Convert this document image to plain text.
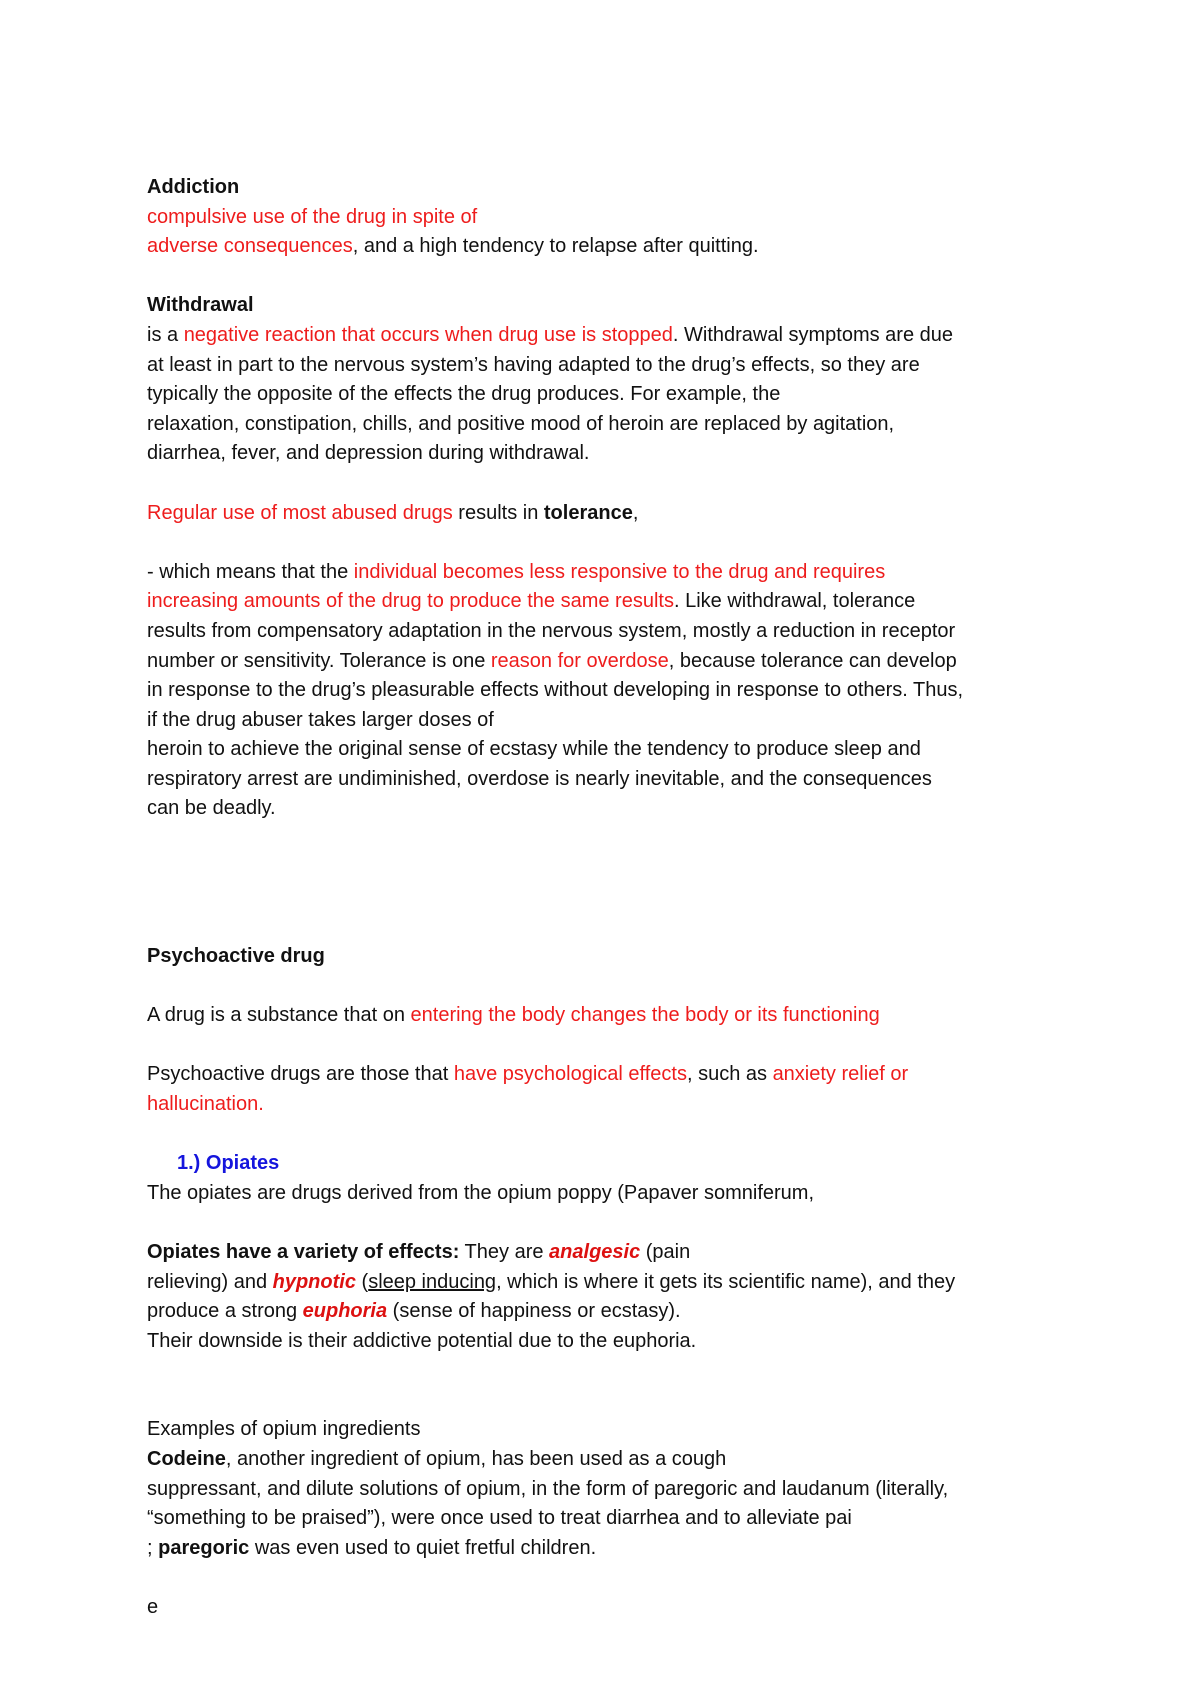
Addiction
compulsive use of the drug in spite of
adverse consequences, and a high tendency to relapse after quitting.
Withdrawal
is a negative reaction that occurs when drug use is stopped. Withdrawal symptoms are due
at least in part to the nervous system’s having adapted to the drug’s effects, so they are
typically the opposite of the effects the drug produces. For example, the
relaxation, constipation, chills, and positive mood of heroin are replaced by agitation,
diarrhea, fever, and depression during withdrawal.
Regular use of most abused drugs results in tolerance,
- which means that the individual becomes less responsive to the drug and requires
increasing amounts of the drug to produce the same results. Like withdrawal, tolerance
results from compensatory adaptation in the nervous system, mostly a reduction in receptor
number or sensitivity. Tolerance is one reason for overdose, because tolerance can develop
in response to the drug’s pleasurable effects without developing in response to others. Thus,
if the drug abuser takes larger doses of
heroin to achieve the original sense of ecstasy while the tendency to produce sleep and
respiratory arrest are undiminished, overdose is nearly inevitable, and the consequences
can be deadly.
Psychoactive drug
A drug is a substance that on entering the body changes the body or its functioning
Psychoactive drugs are those that have psychological effects, such as anxiety relief or
hallucination.
1.) Opiates
The opiates are drugs derived from the opium poppy (Papaver somniferum,
Opiates have a variety of effects: They are analgesic (pain
relieving) and hypnotic (sleep inducing, which is where it gets its scientific name), and they
produce a strong euphoria (sense of happiness or ecstasy).
Their downside is their addictive potential due to the euphoria.
Examples of opium ingredients
Codeine, another ingredient of opium, has been used as a cough
suppressant, and dilute solutions of opium, in the form of paregoric and laudanum (literally,
“something to be praised”), were once used to treat diarrhea and to alleviate pai
; paregoric was even used to quiet fretful children.
e
